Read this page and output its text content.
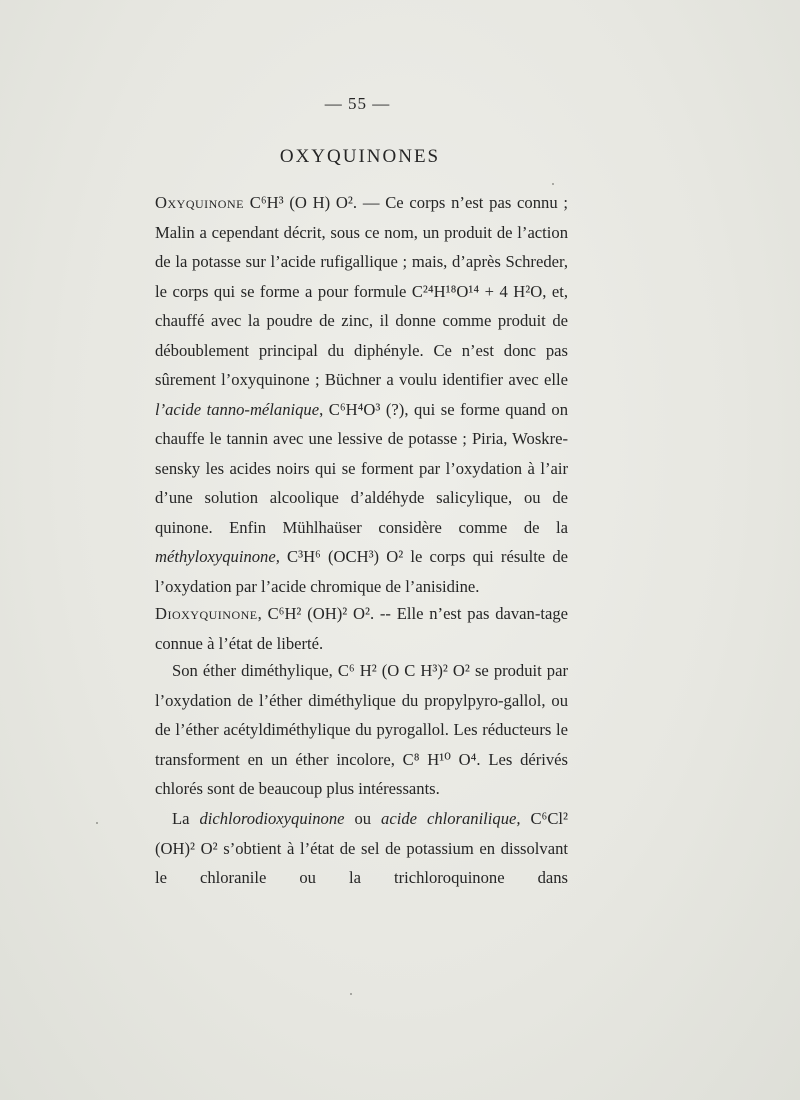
— 55 —
OXYQUINONES

Oxyquinone C⁶H³ (O H) O². — Ce corps n’est pas connu ; Malin a cependant décrit, sous ce nom, un produit de l’action de la potasse sur l’acide rufigallique ; mais, d’après Schreder, le corps qui se forme a pour formule C²⁴H¹⁸O¹⁴ + 4 H²O, et, chauffé avec la poudre de zinc, il donne comme produit de déboublement principal du diphényle. Ce n’est donc pas sûrement l’oxyquinone ; Büchner a voulu identifier avec elle l’acide tanno-mélanique, C⁶H⁴O³ (?), qui se forme quand on chauffe le tannin avec une lessive de potasse ; Piria, Woskre-sensky les acides noirs qui se forment par l’oxydation à l’air d’une solution alcoolique d’aldéhyde salicylique, ou de quinone. Enfin Mühlhaüser considère comme de la méthyloxyquinone, C³H⁶ (OCH³) O² le corps qui résulte de l’oxydation par l’acide chromique de l’anisidine.

Dioxyquinone, C⁶H² (OH)² O². -- Elle n’est pas davan-tage connue à l’état de liberté.

Son éther diméthylique, C⁶ H² (O C H³)² O² se produit par l’oxydation de l’éther diméthylique du propylpyro-gallol, ou de l’éther acétyldiméthylique du pyrogallol. Les réducteurs le transforment en un éther incolore, C⁸ H¹⁰ O⁴. Les dérivés chlorés sont de beaucoup plus intéressants.

La dichlorodioxyquinone ou acide chloranilique, C⁶Cl² (OH)² O² s’obtient à l’état de sel de potassium en dissolvant le chloranile ou la trichloroquinone dans
